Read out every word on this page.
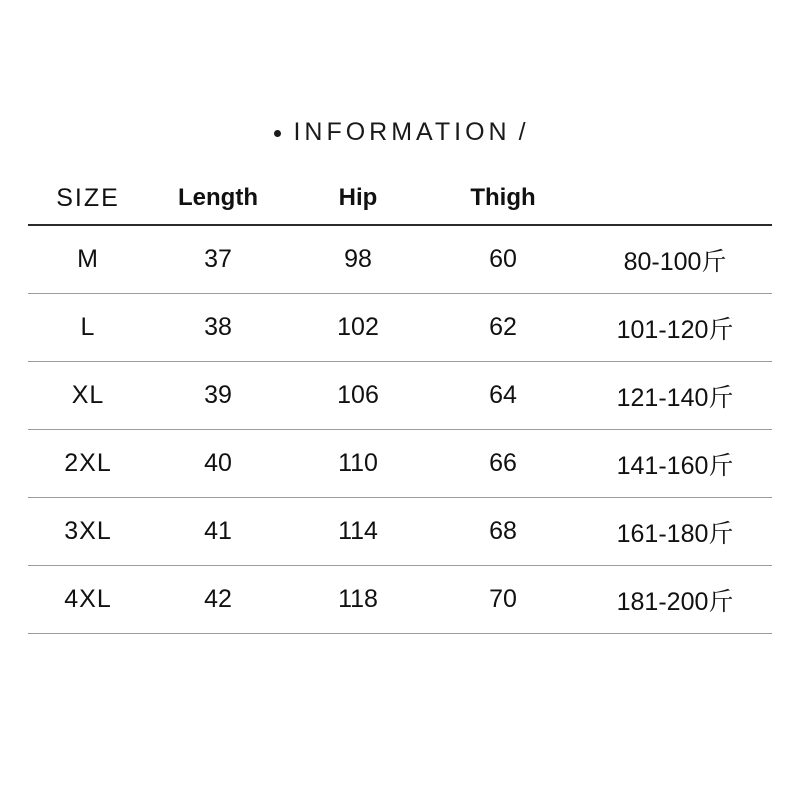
INFORMATION /
SIZE	Length	Hip	Thigh	
M	37	98	60	80-100斤
L	38	102	62	101-120斤
XL	39	106	64	121-140斤
2XL	40	110	66	141-160斤
3XL	41	114	68	161-180斤
4XL	42	118	70	181-200斤
